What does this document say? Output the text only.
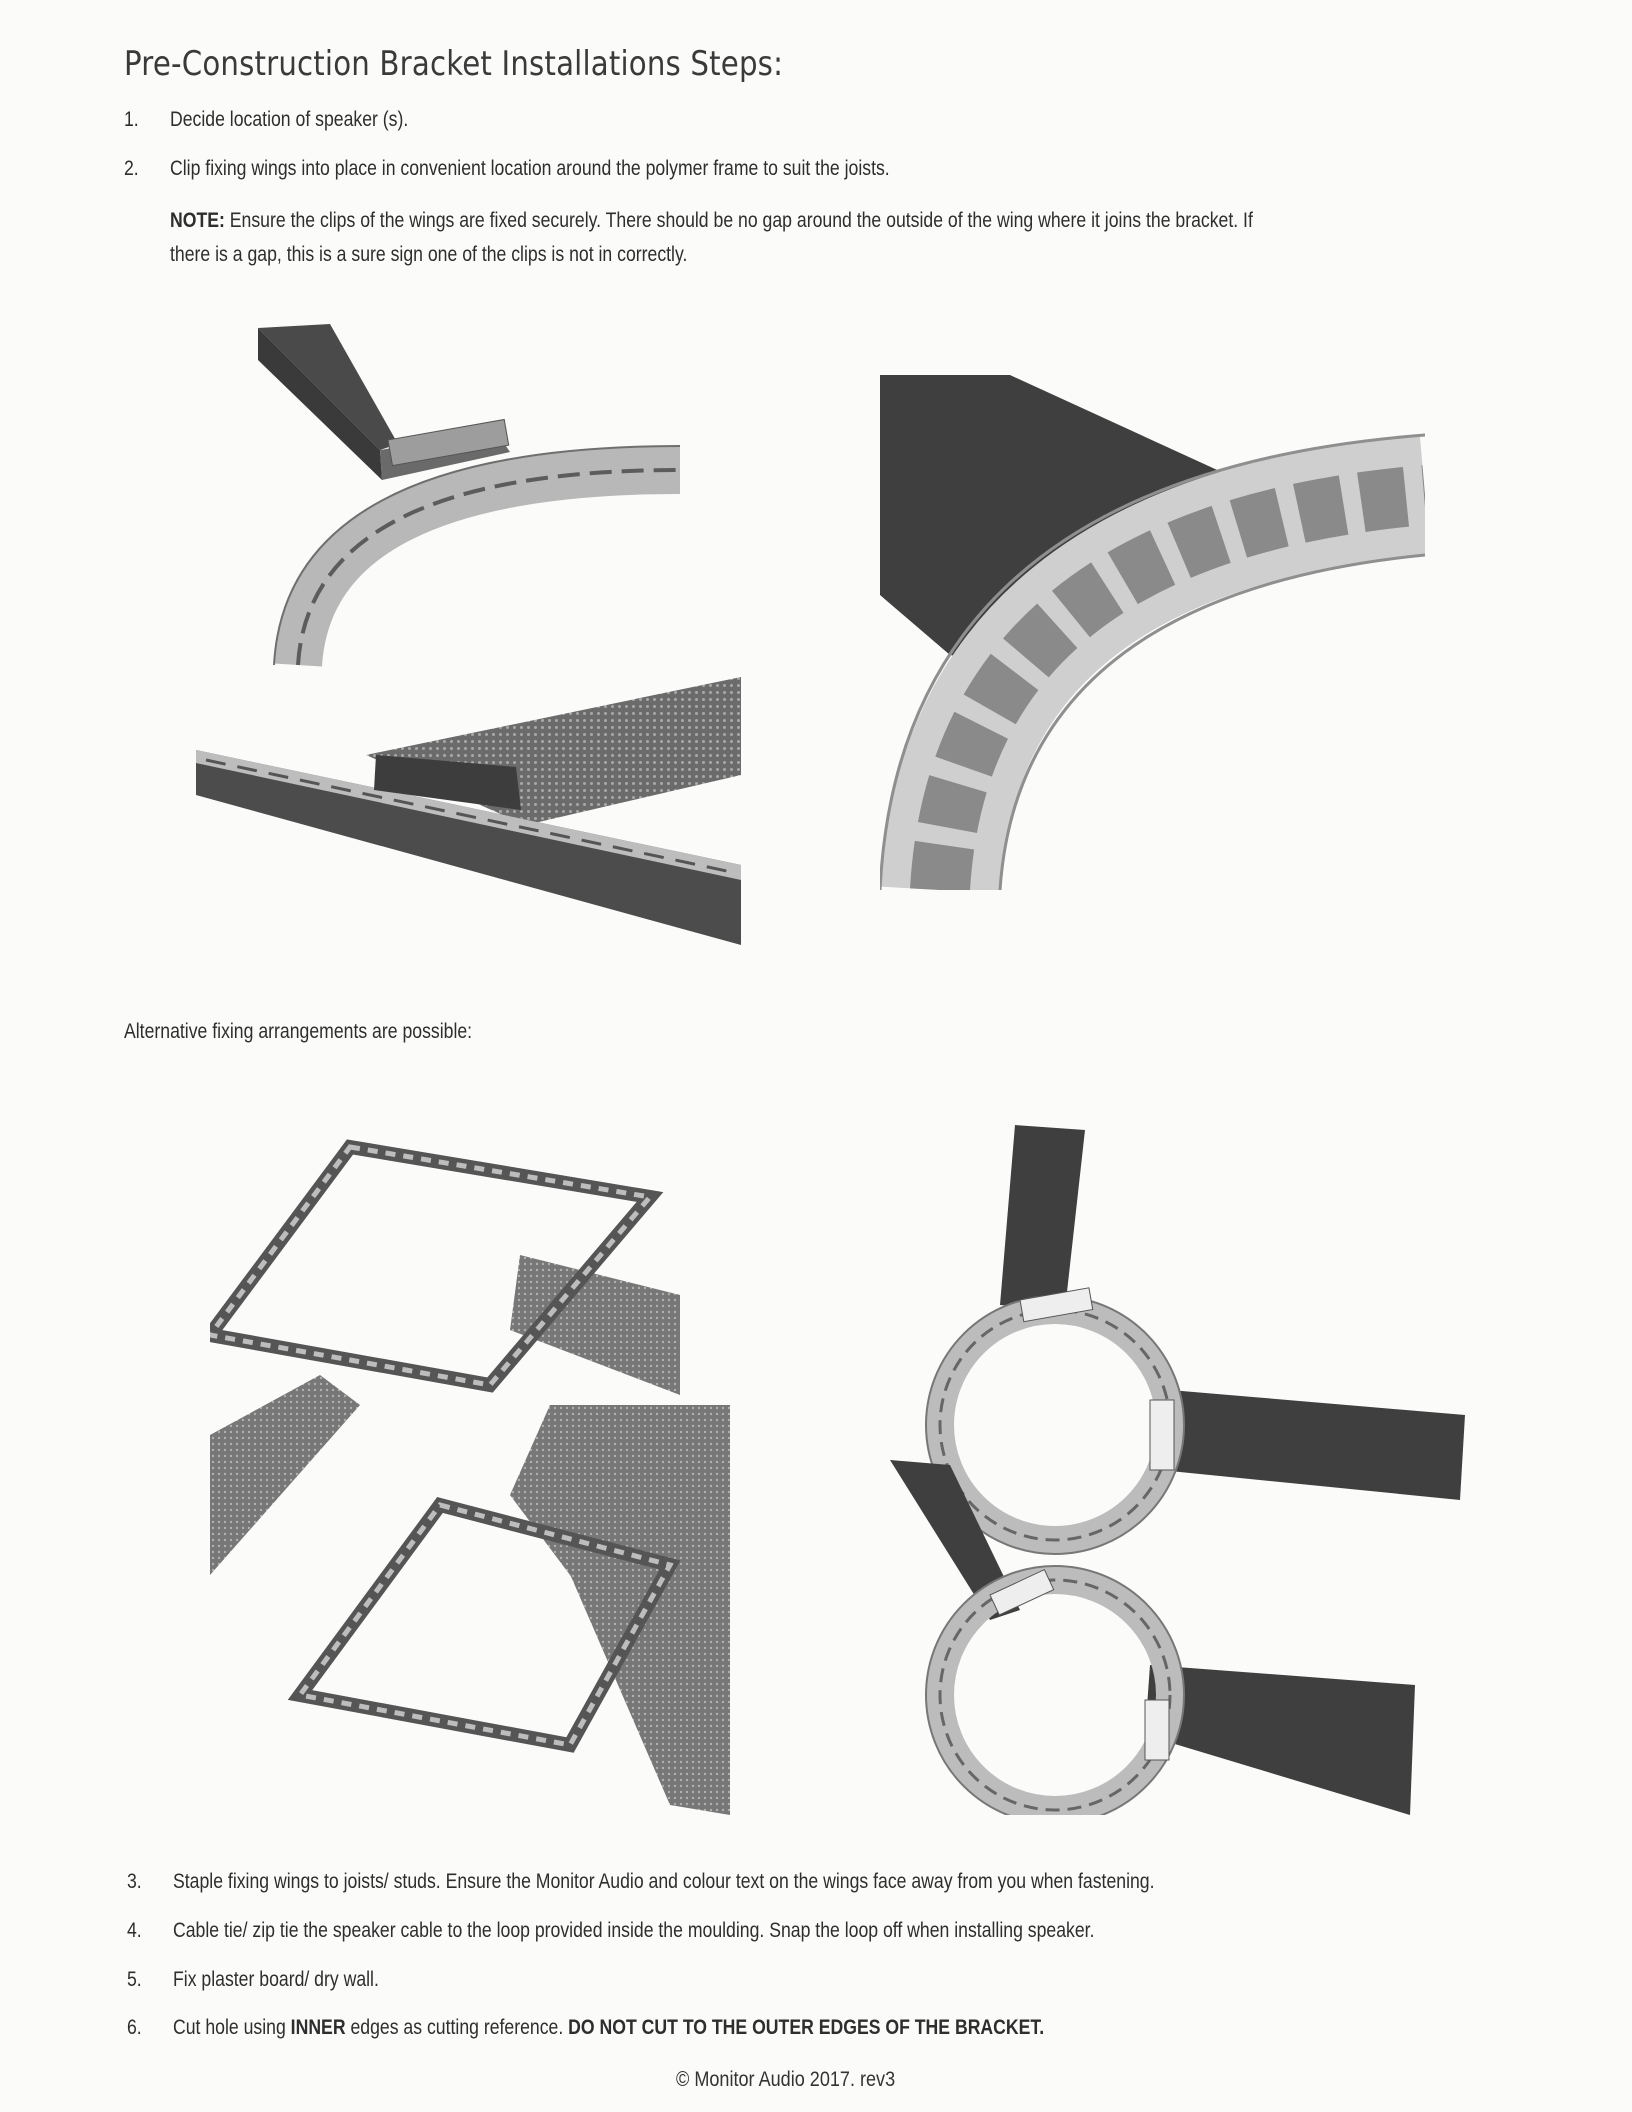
Pre-Construction Bracket Installations Steps:
1. Decide location of speaker (s).
2. Clip fixing wings into place in convenient location around the polymer frame to suit the joists.
NOTE: Ensure the clips of the wings are fixed securely. There should be no gap around the outside of the wing where it joins the bracket. If
there is a gap, this is a sure sign one of the clips is not in correctly.
Alternative fixing arrangements are possible:
3. Staple fixing wings to joists/ studs. Ensure the Monitor Audio and colour text on the wings face away from you when fastening.
4. Cable tie/ zip tie the speaker cable to the loop provided inside the moulding. Snap the loop off when installing speaker.
5. Fix plaster board/ dry wall.
6. Cut hole using INNER edges as cutting reference. DO NOT CUT TO THE OUTER EDGES OF THE BRACKET.
© Monitor Audio 2017. rev3
